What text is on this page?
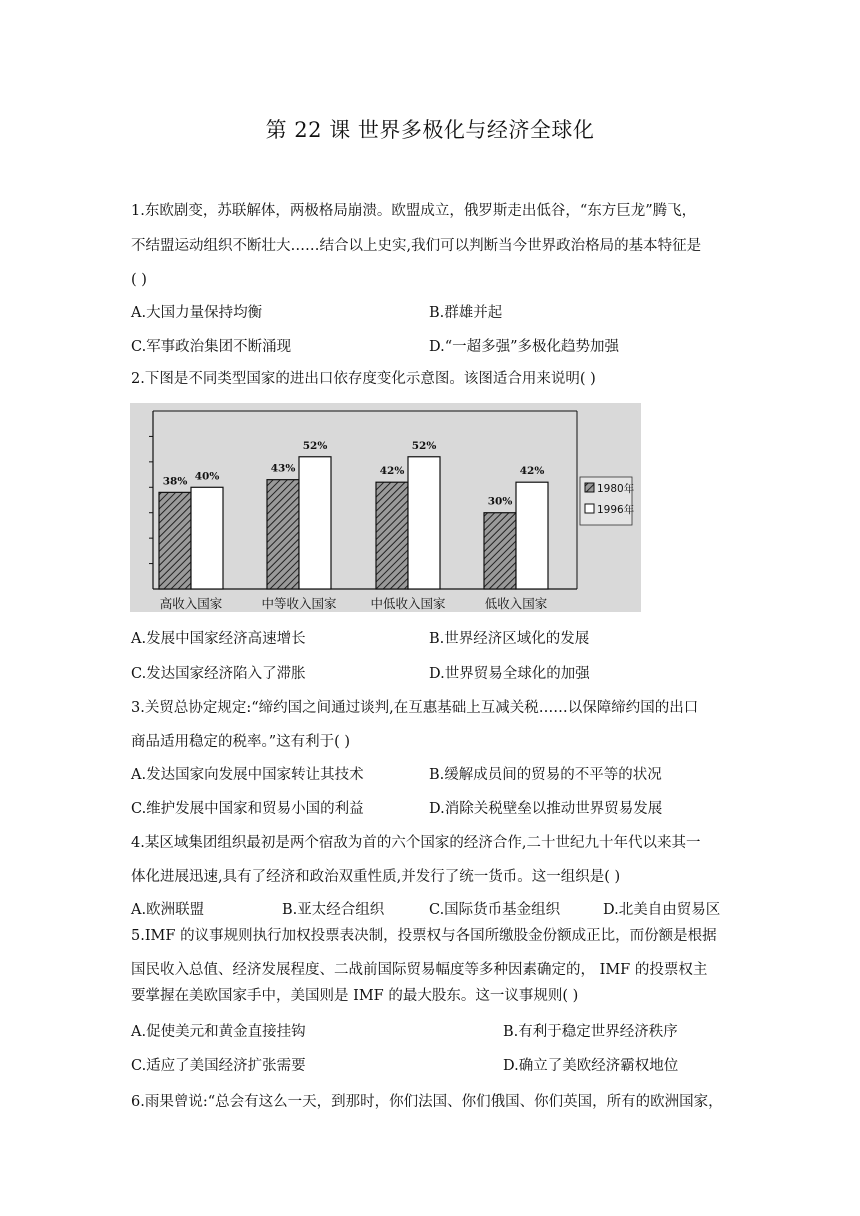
第 22 课 世界多极化与经济全球化
1.东欧剧变，苏联解体，两极格局崩溃。欧盟成立，俄罗斯走出低谷，“东方巨龙”腾飞，
不结盟运动组织不断壮大……结合以上史实,我们可以判断当今世界政治格局的基本特征是
( )
A.大国力量保持均衡	B.群雄并起
C.军事政治集团不断涌现	D.“一超多强”多极化趋势加强
2.下图是不同类型国家的进出口依存度变化示意图。该图适合用来说明( )
38% 40%
高收入国家
43%
52%
中等收入国家
42%
52%
中低收入国家
30%
42%
低收入国家
1980年
1996年
A.发展中国家经济高速增长	B.世界经济区域化的发展
C.发达国家经济陷入了滞胀	D.世界贸易全球化的加强
3.关贸总协定规定:“缔约国之间通过谈判,在互惠基础上互减关税……以保障缔约国的出口
商品适用稳定的税率。”这有利于( )
A.发达国家向发展中国家转让其技术	B.缓解成员间的贸易的不平等的状况
C.维护发展中国家和贸易小国的利益	D.消除关税壁垒以推动世界贸易发展
4.某区域集团组织最初是两个宿敌为首的六个国家的经济合作,二十世纪九十年代以来其一
体化进展迅速,具有了经济和政治双重性质,并发行了统一货币。这一组织是( )
A.欧洲联盟	B.亚太经合组织	C.国际货币基金组织	D.北美自由贸易区
5.IMF 的议事规则执行加权投票表决制，投票权与各国所缴股金份额成正比，而份额是根据
国民收入总值、经济发展程度、二战前国际贸易幅度等多种因素确定的， IMF 的投票权主
要掌握在美欧国家手中，美国则是 IMF 的最大股东。这一议事规则( )
A.促使美元和黄金直接挂钩	B.有利于稳定世界经济秩序
C.适应了美国经济扩张需要	D.确立了美欧经济霸权地位
6.雨果曾说:“总会有这么一天，到那时，你们法国、你们俄国、你们英国，所有的欧洲国家，
